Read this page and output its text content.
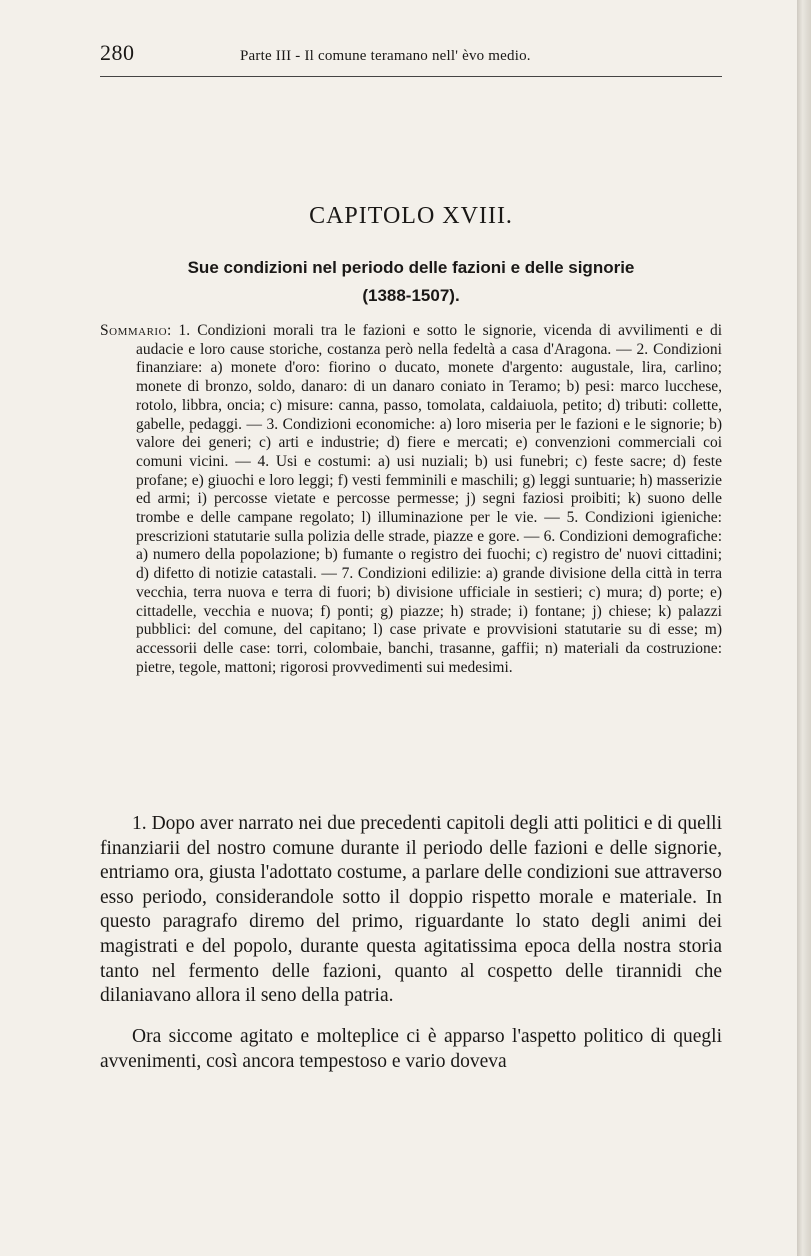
280	Parte III - Il comune teramano nell' èvo medio.
CAPITOLO XVIII.
Sue condizioni nel periodo delle fazioni e delle signorie
(1388-1507).

Sommario: 1. Condizioni morali tra le fazioni e sotto le signorie, vicenda di avvilimenti e di audacie e loro cause storiche, costanza però nella fedeltà a casa d'Aragona. — 2. Condizioni finanziare: a) monete d'oro: fiorino o ducato, monete d'argento: augustale, lira, carlino; monete di bronzo, soldo, danaro: di un danaro coniato in Teramo; b) pesi: marco lucchese, rotolo, libbra, oncia; c) misure: canna, passo, tomolata, caldaiuola, petito; d) tributi: collette, gabelle, pedaggi. — 3. Condizioni economiche: a) loro miseria per le fazioni e le signorie; b) valore dei generi; c) arti e industrie; d) fiere e mercati; e) convenzioni commerciali coi comuni vicini. — 4. Usi e costumi: a) usi nuziali; b) usi funebri; c) feste sacre; d) feste profane; e) giuochi e loro leggi; f) vesti femminili e maschili; g) leggi suntuarie; h) masserizie ed armi; i) percosse vietate e percosse permesse; j) segni faziosi proibiti; k) suono delle trombe e delle campane regolato; l) illuminazione per le vie. — 5. Condizioni igieniche: prescrizioni statutarie sulla polizia delle strade, piazze e gore. — 6. Condizioni demografiche: a) numero della popolazione; b) fumante o registro dei fuochi; c) registro de' nuovi cittadini; d) difetto di notizie catastali. — 7. Condizioni edilizie: a) grande divisione della città in terra vecchia, terra nuova e terra di fuori; b) divisione ufficiale in sestieri; c) mura; d) porte; e) cittadelle, vecchia e nuova; f) ponti; g) piazze; h) strade; i) fontane; j) chiese; k) palazzi pubblici: del comune, del capitano; l) case private e provvisioni statutarie su di esse; m) accessorii delle case: torri, colombaie, banchi, trasanne, gaffii; n) materiali da costruzione: pietre, tegole, mattoni; rigorosi provvedimenti sui medesimi.

1. Dopo aver narrato nei due precedenti capitoli degli atti politici e di quelli finanziarii del nostro comune durante il periodo delle fazioni e delle signorie, entriamo ora, giusta l'adottato costume, a parlare delle condizioni sue attraverso esso periodo, considerandole sotto il doppio rispetto morale e materiale. In questo paragrafo diremo del primo, riguardante lo stato degli animi dei magistrati e del popolo, durante questa agitatissima epoca della nostra storia tanto nel fermento delle fazioni, quanto al cospetto delle tirannidi che dilaniavano allora il seno della patria.

Ora siccome agitato e molteplice ci è apparso l'aspetto politico di quegli avvenimenti, così ancora tempestoso e vario doveva
